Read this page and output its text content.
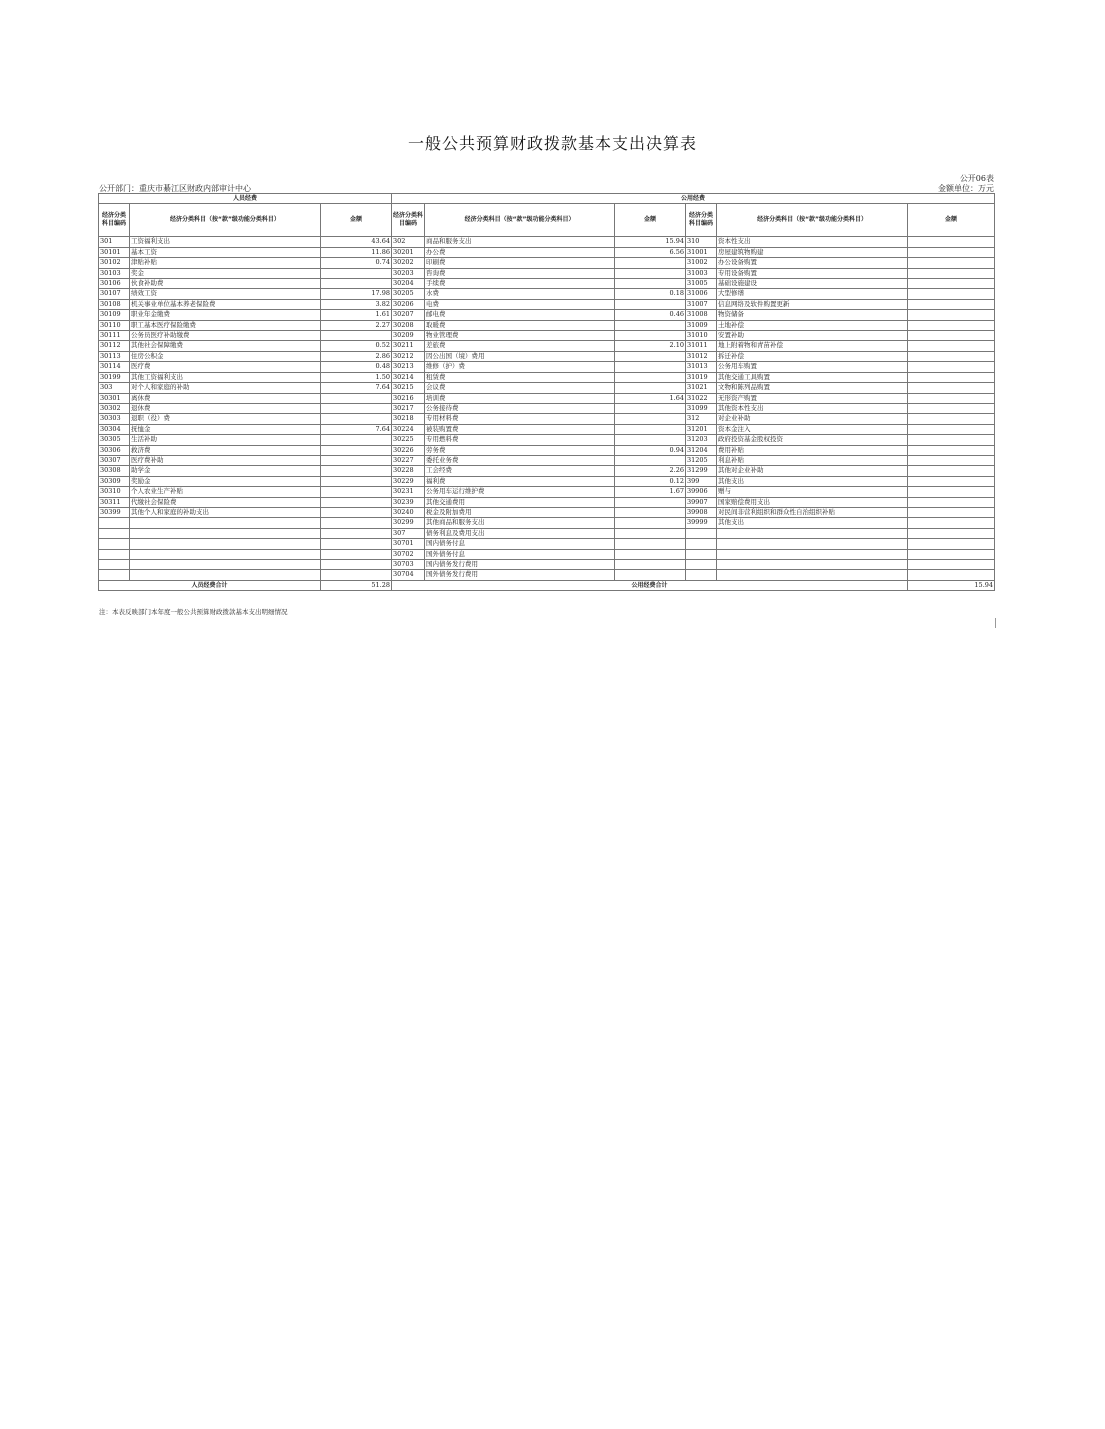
一般公共预算财政拨款基本支出决算表
公开06表
公开部门：重庆市綦江区财政内部审计中心	金额单位：万元
人员经费			公用经费					
经济分类科目编码	经济分类科目（按“款”级功能分类科目）	金额	经济分类科目编码	经济分类科目（按“款”级功能分类科目）	金额	经济分类科目编码	经济分类科目（按“款”级功能分类科目）	金额
301	工资福利支出	43.64	302	商品和服务支出	15.94	310	资本性支出	
30101	基本工资	11.86	30201	办公费	6.56	31001	房屋建筑物购建	
30102	津贴补贴	0.74	30202	印刷费		31002	办公设备购置	
30103	奖金		30203	咨询费		31003	专用设备购置	
30106	伙食补助费		30204	手续费		31005	基础设施建设	
30107	绩效工资	17.98	30205	水费	0.18	31006	大型修缮	
30108	机关事业单位基本养老保险费	3.82	30206	电费		31007	信息网络及软件购置更新	
30109	职业年金缴费	1.61	30207	邮电费	0.46	31008	物资储备	
30110	职工基本医疗保险缴费	2.27	30208	取暖费		31009	土地补偿	
30111	公务员医疗补助缴费		30209	物业管理费		31010	安置补助	
30112	其他社会保障缴费	0.52	30211	差旅费	2.10	31011	地上附着物和青苗补偿	
30113	住房公积金	2.86	30212	因公出国（境）费用		31012	拆迁补偿	
30114	医疗费	0.48	30213	维修（护）费		31013	公务用车购置	
30199	其他工资福利支出	1.50	30214	租赁费		31019	其他交通工具购置	
303	对个人和家庭的补助	7.64	30215	会议费		31021	文物和陈列品购置	
30301	离休费		30216	培训费	1.64	31022	无形资产购置	
30302	退休费		30217	公务接待费		31099	其他资本性支出	
30303	退职（役）费		30218	专用材料费		312	对企业补助	
30304	抚恤金	7.64	30224	被装购置费		31201	资本金注入	
30305	生活补助		30225	专用燃料费		31203	政府投资基金股权投资	
30306	救济费		30226	劳务费	0.94	31204	费用补贴	
30307	医疗费补助		30227	委托业务费		31205	利息补贴	
30308	助学金		30228	工会经费	2.26	31299	其他对企业补助	
30309	奖励金		30229	福利费	0.12	399	其他支出	
30310	个人农业生产补贴		30231	公务用车运行维护费	1.67	39906	赠与	
30311	代缴社会保险费		30239	其他交通费用		39907	国家赔偿费用支出	
30399	其他个人和家庭的补助支出		30240	税金及附加费用		39908	对民间非营利组织和群众性自治组织补贴	
			30299	其他商品和服务支出		39999	其他支出	
			307	债务利息及费用支出				
			30701	国内债务付息				
			30702	国外债务付息				
			30703	国内债务发行费用				
			30704	国外债务发行费用				
人员经费合计		51.28	公用经费合计					15.94
注：本表反映部门本年度一般公共预算财政拨款基本支出明细情况
